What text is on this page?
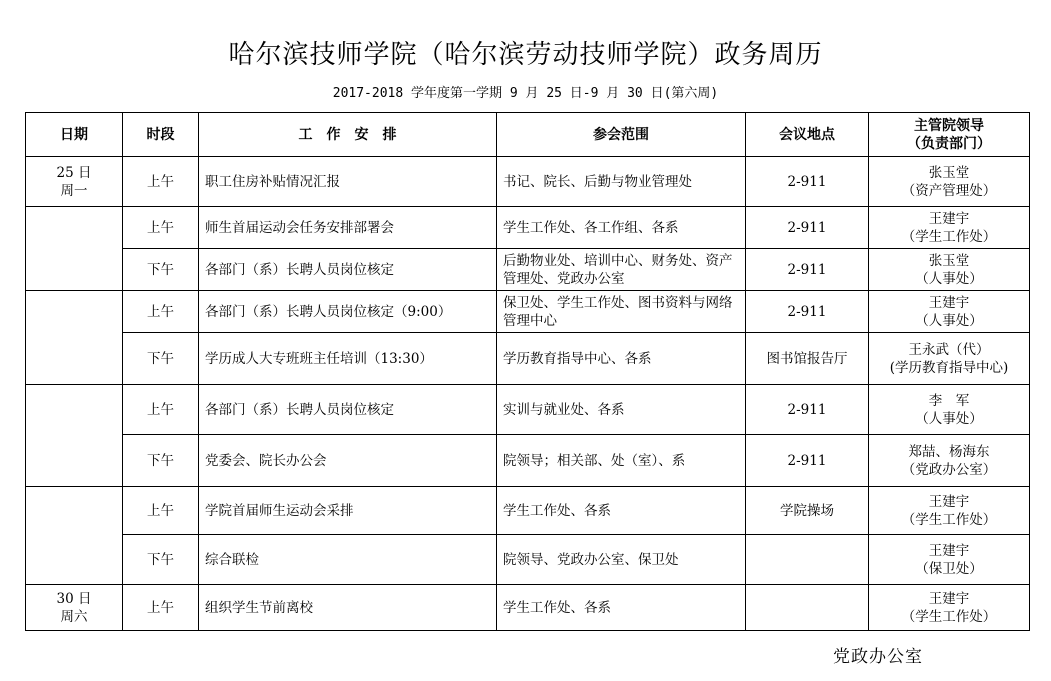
哈尔滨技师学院（哈尔滨劳动技师学院）政务周历
2017-2018 学年度第一学期 9 月 25 日-9 月 30 日(第六周)
日期	时段	工　作　安　排	参会范围	会议地点	主管院领导
（负责部门）

25 日
周一	上午	职工住房补贴情况汇报	书记、院长、后勤与物业管理处	2-911	张玉堂
（资产管理处）

	上午	师生首届运动会任务安排部署会	学生工作处、各工作组、各系	2-911	王建宇
（学生工作处）

	下午	各部门（系）长聘人员岗位核定	后勤物业处、培训中心、财务处、资产管理处、党政办公室	2-911	张玉堂
（人事处）

	上午	各部门（系）长聘人员岗位核定（9:00）	保卫处、学生工作处、图书资料与网络管理中心	2-911	王建宇
（人事处）

	下午	学历成人大专班班主任培训（13:30）	学历教育指导中心、各系	图书馆报告厅	王永武（代）
(学历教育指导中心)

	上午	各部门（系）长聘人员岗位核定	实训与就业处、各系	2-911	李　军
（人事处）

	下午	党委会、院长办公会	院领导；相关部、处（室）、系	2-911	郑喆、杨海东
（党政办公室）

	上午	学院首届师生运动会采排	学生工作处、各系	学院操场	王建宇
（学生工作处）

	下午	综合联检	院领导、党政办公室、保卫处		王建宇
（保卫处）

30 日
周六	上午	组织学生节前离校	学生工作处、各系		王建宇
（学生工作处）
党政办公室
